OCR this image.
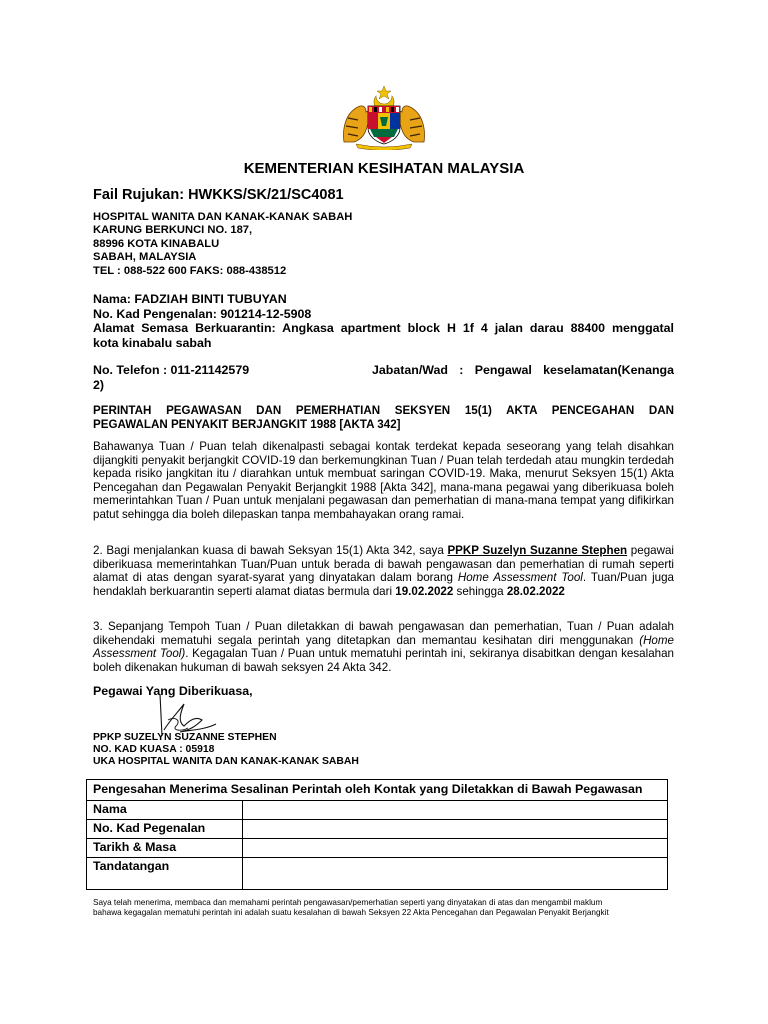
KEMENTERIAN KESIHATAN MALAYSIA
Fail Rujukan: HWKKS/SK/21/SC4081
HOSPITAL WANITA DAN KANAK-KANAK SABAH
KARUNG BERKUNCI NO. 187,
88996 KOTA KINABALU
SABAH, MALAYSIA
TEL : 088-522 600 FAKS: 088-438512
Nama: FADZIAH BINTI TUBUYAN
No. Kad Pengenalan: 901214-12-5908
Alamat Semasa Berkuarantin: Angkasa apartment block H 1f 4 jalan darau 88400 menggatal
kota kinabalu sabah
No. Telefon : 011-21142579	Jabatan/Wad : Pengawal keselamatan(Kenanga
2)
PERINTAH PEGAWASAN DAN PEMERHATIAN SEKSYEN 15(1) AKTA PENCEGAHAN DAN
PEGAWALAN PENYAKIT BERJANGKIT 1988 [AKTA 342]
Bahawanya Tuan / Puan telah dikenalpasti sebagai kontak terdekat kepada seseorang yang telah disahkan dijangkiti penyakit berjangkit COVID-19 dan berkemungkinan Tuan / Puan telah terdedah atau mungkin terdedah kepada risiko jangkitan itu / diarahkan untuk membuat saringan COVID-19. Maka, menurut Seksyen 15(1) Akta Pencegahan dan Pegawalan Penyakit Berjangkit 1988 [Akta 342], mana-mana pegawai yang diberikuasa boleh memerintahkan Tuan / Puan untuk menjalani pegawasan dan pemerhatian di mana-mana tempat yang difikirkan patut sehingga dia boleh dilepaskan tanpa membahayakan orang ramai.
2. Bagi menjalankan kuasa di bawah Seksyan 15(1) Akta 342, saya PPKP Suzelyn Suzanne Stephen pegawai diberikuasa memerintahkan Tuan/Puan untuk berada di bawah pengawasan dan pemerhatian di rumah seperti alamat di atas dengan syarat-syarat yang dinyatakan dalam borang Home Assessment Tool. Tuan/Puan juga hendaklah berkuarantin seperti alamat diatas bermula dari 19.02.2022 sehingga 28.02.2022
3. Sepanjang Tempoh Tuan / Puan diletakkan di bawah pengawasan dan pemerhatian, Tuan / Puan adalah dikehendaki mematuhi segala perintah yang ditetapkan dan memantau kesihatan diri menggunakan (Home Assessment Tool). Kegagalan Tuan / Puan untuk mematuhi perintah ini, sekiranya disabitkan dengan kesalahan boleh dikenakan hukuman di bawah seksyen 24 Akta 342.
Pegawai Yang Diberikuasa,
PPKP SUZELYN SUZANNE STEPHEN
NO. KAD KUASA : 05918
UKA HOSPITAL WANITA DAN KANAK-KANAK SABAH
Pengesahan Menerima Sesalinan Perintah oleh Kontak yang Diletakkan di Bawah Pegawasan	
Nama	
No. Kad Pegenalan	
Tarikh & Masa	
Tandatangan	
Saya telah menerima, membaca dan memahami perintah pengawasan/pemerhatian seperti yang dinyatakan di atas dan mengambil maklum
bahawa kegagalan mematuhi perintah ini adalah suatu kesalahan di bawah Seksyen 22 Akta Pencegahan dan Pegawalan Penyakit Berjangkit
